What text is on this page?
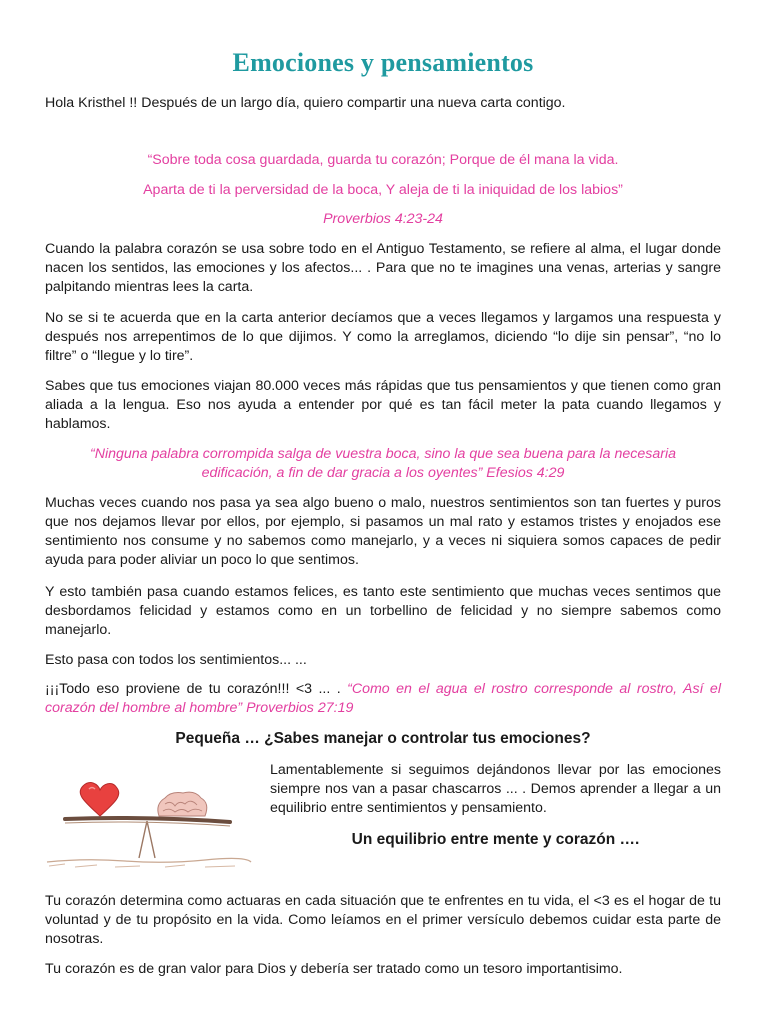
Emociones y pensamientos

Hola Kristhel !! Después de un largo día, quiero compartir una nueva carta contigo.

“Sobre toda cosa guardada, guarda tu corazón; Porque de él mana la vida.

Aparta de ti la perversidad de la boca, Y aleja de ti la iniquidad de los labios”

Proverbios 4:23-24

Cuando la palabra corazón se usa sobre todo en el Antiguo Testamento, se refiere al alma, el lugar donde nacen los sentidos, las emociones y los afectos... . Para que no te imagines una venas, arterias y sangre palpitando mientras lees la carta.

No se si te acuerda que en la carta anterior decíamos que a veces llegamos y largamos una respuesta y después nos arrepentimos de lo que dijimos. Y como la arreglamos, diciendo “lo dije sin pensar”, “no lo filtre” o “llegue y lo tire”.

Sabes que tus emociones viajan 80.000 veces más rápidas que tus pensamientos y que tienen como gran aliada a la lengua. Eso nos ayuda a entender por qué es tan fácil meter la pata cuando llegamos y hablamos.

“Ninguna palabra corrompida salga de vuestra boca, sino la que sea buena para la necesaria

edificación, a fin de dar gracia a los oyentes” Efesios 4:29

Muchas veces cuando nos pasa ya sea algo bueno o malo, nuestros sentimientos son tan fuertes y puros que nos dejamos llevar por ellos, por ejemplo, si pasamos un mal rato y estamos tristes y enojados ese sentimiento nos consume y no sabemos como manejarlo, y a veces ni siquiera somos capaces de pedir ayuda para poder aliviar un poco lo que sentimos.

Y esto también pasa cuando estamos felices, es tanto este sentimiento que muchas veces sentimos que desbordamos felicidad y estamos como en un torbellino de felicidad y no siempre sabemos como manejarlo.

Esto pasa con todos los sentimientos... ...

¡¡¡Todo eso proviene de tu corazón!!! <3 ... . “Como en el agua el rostro corresponde al rostro, Así el corazón del hombre al hombre” Proverbios 27:19

Pequeña … ¿Sabes manejar o controlar tus emociones?

Lamentablemente si seguimos dejándonos llevar por las emociones siempre nos van a pasar chascarros ... . Demos aprender a llegar a un equilibrio entre sentimientos y pensamiento.

Un equilibrio entre mente y corazón ….

Tu corazón determina como actuaras en cada situación que te enfrentes en tu vida, el <3 es el hogar de tu voluntad y de tu propósito en la vida. Como leíamos en el primer versículo debemos cuidar esta parte de nosotras.

Tu corazón es de gran valor para Dios y debería ser tratado como un tesoro importantisimo.
